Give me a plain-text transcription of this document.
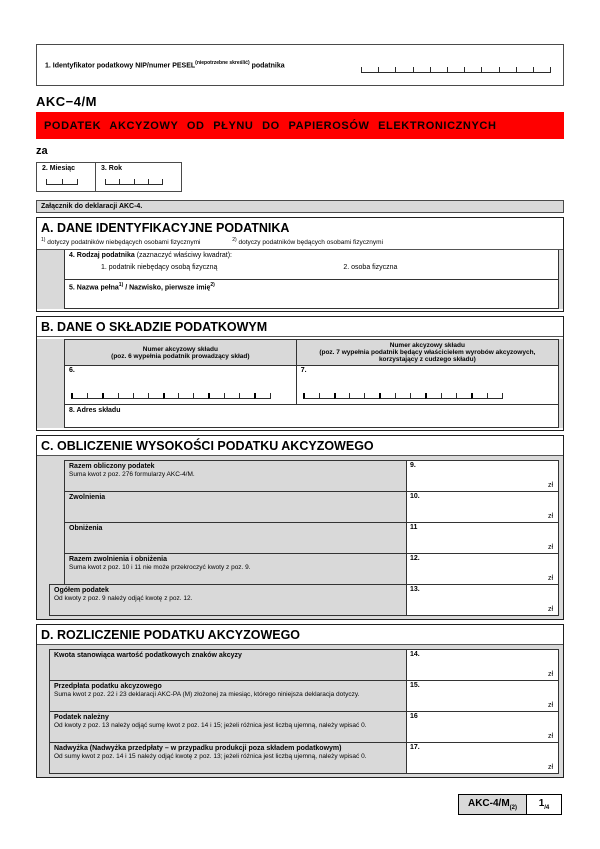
1. Identyfikator podatkowy NIP/numer $PESEL^{(niepotrzebne skreślić)}$ podatnika
AKC−4/M
PODATEK AKCYZOWY OD PŁYNU DO PAPIEROSÓW ELEKTRONICZNYCH
za
2. Miesiąc	3. Rok
Załącznik do deklaracji AKC-4.
A. DANE IDENTYFIKACYJNE PODATNIKA
$^{1)}$ dotyczy podatników niebędących osobami fizycznymi	$^{2)}$ dotyczy podatników będących osobami fizycznymi
4. Rodzaj podatnika (zaznaczyć właściwy kwadrat):
1. podatnik niebędący osobą fizyczną	2. osoba fizyczna
5. Nazwa pełna$^{1)}$ / Nazwisko, pierwsze imię$^{2)}$
B. DANE O SKŁADZIE PODATKOWYM
Numer akcyzowy składu
(poz. 6 wypełnia podatnik prowadzący skład)
Numer akcyzowy składu
(poz. 7 wypełnia podatnik będący właścicielem wyrobów akcyzowych, korzystający z cudzego składu)
6.	7.
8. Adres składu
C. OBLICZENIE WYSOKOŚCI PODATKU AKCYZOWEGO
Razem obliczony podatek
Suma kwot z poz. 276 formularzy AKC-4/M.
9.
zł
Zwolnienia	10.
zł
Obniżenia	11
zł
Razem zwolnienia i obniżenia
Suma kwot z poz. 10 i 11 nie może przekroczyć kwoty z poz. 9.
12.
zł
Ogółem podatek
Od kwoty z poz. 9 należy odjąć kwotę z poz. 12.
13.
zł
D. ROZLICZENIE PODATKU AKCYZOWEGO
Kwota stanowiąca wartość podatkowych znaków akcyzy	14.
zł
Przedpłata podatku akcyzowego
Suma kwot z poz. 22 i 23 deklaracji AKC-PA (M) złożonej za miesiąc, którego niniejsza deklaracja dotyczy.
15.
zł
Podatek należny
Od kwoty z poz. 13 należy odjąć sumę kwot z poz. 14 i 15; jeżeli różnica jest liczbą ujemną, należy wpisać 0.
16
zł
Nadwyżka (Nadwyżka przedpłaty – w przypadku produkcji poza składem podatkowym)
Od sumy kwot z poz. 14 i 15 należy odjąć kwotę z poz. 13; jeżeli różnica jest liczbą ujemną, należy wpisać 0.
17.
zł
AKC-$4/M_{(2)}$	$1_{/4}$
